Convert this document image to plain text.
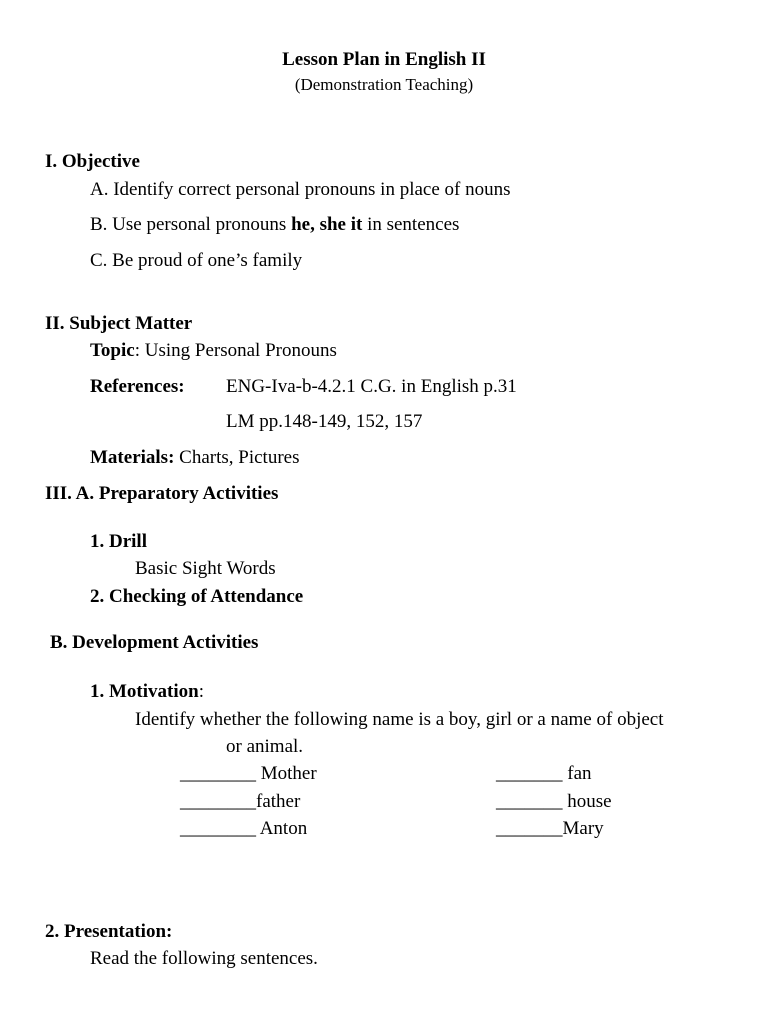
Lesson Plan in English II
(Demonstration Teaching)
I. Objective
A. Identify correct personal pronouns in place of nouns
B. Use personal pronouns he, she it in sentences
C. Be proud of one’s family
II. Subject Matter
Topic: Using Personal Pronouns
References: ENG-Iva-b-4.2.1 C.G. in English p.31
LM pp.148-149, 152, 157
Materials: Charts, Pictures
III. A. Preparatory Activities
1. Drill
Basic Sight Words
2. Checking of Attendance
B. Development Activities
1. Motivation:
Identify whether the following name is a boy, girl or a name of object
or animal.
________ Mother
________father
________ Anton
_______ fan
_______ house
_______Mary
2. Presentation:
Read the following sentences.
